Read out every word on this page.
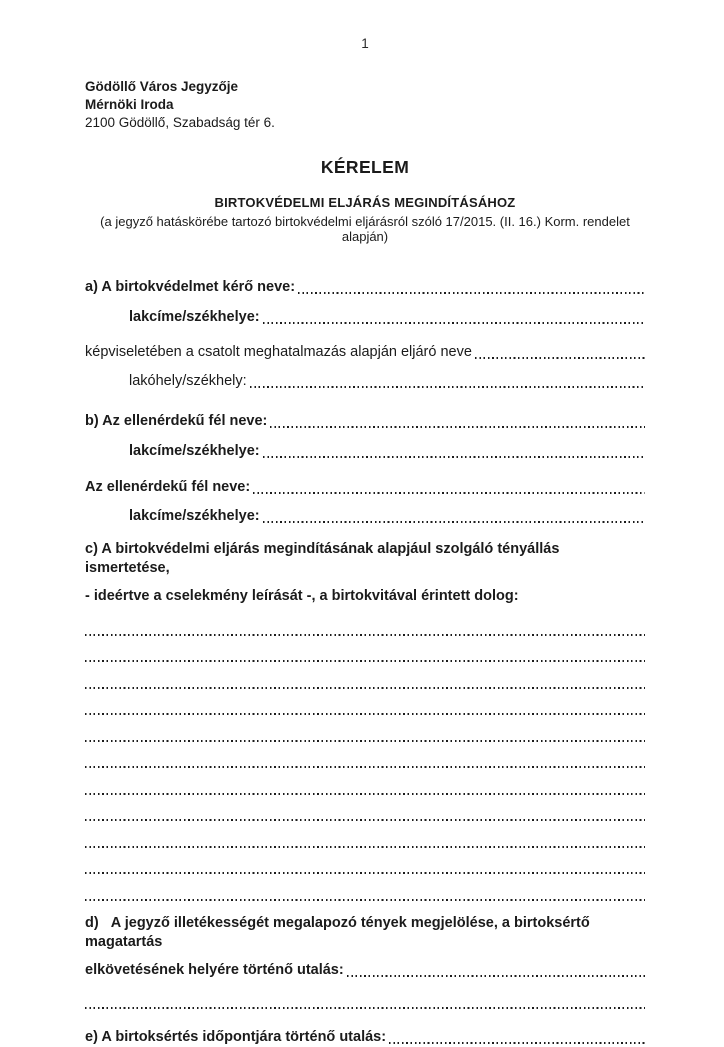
1
Gödöllő Város Jegyzője
Mérnöki Iroda
2100 Gödöllő, Szabadság tér 6.
KÉRELEM
BIRTOKVÉDELMI ELJÁRÁS MEGINDÍTÁSÁHOZ
(a jegyző hatáskörébe tartozó birtokvédelmi eljárásról szóló 17/2015. (II. 16.) Korm. rendelet alapján)
a) A birtokvédelmet kérő neve:
lakcíme/székhelye:
képviseletében a csatolt meghatalmazás alapján eljáró neve
lakóhely/székhely:
b) Az ellenérdekű fél neve:
lakcíme/székhelye:
Az ellenérdekű fél neve:
lakcíme/székhelye:
c) A birtokvédelmi eljárás megindításának alapjául szolgáló tényállás ismertetése,
- ideértve a cselekmény leírását -, a birtokvitával érintett dolog:
d)   A jegyző illetékességét megalapozó tények megjelölése, a birtoksértő magatartás
elkövetésének helyére történő utalás:
e) A birtoksértés időpontjára történő utalás:
